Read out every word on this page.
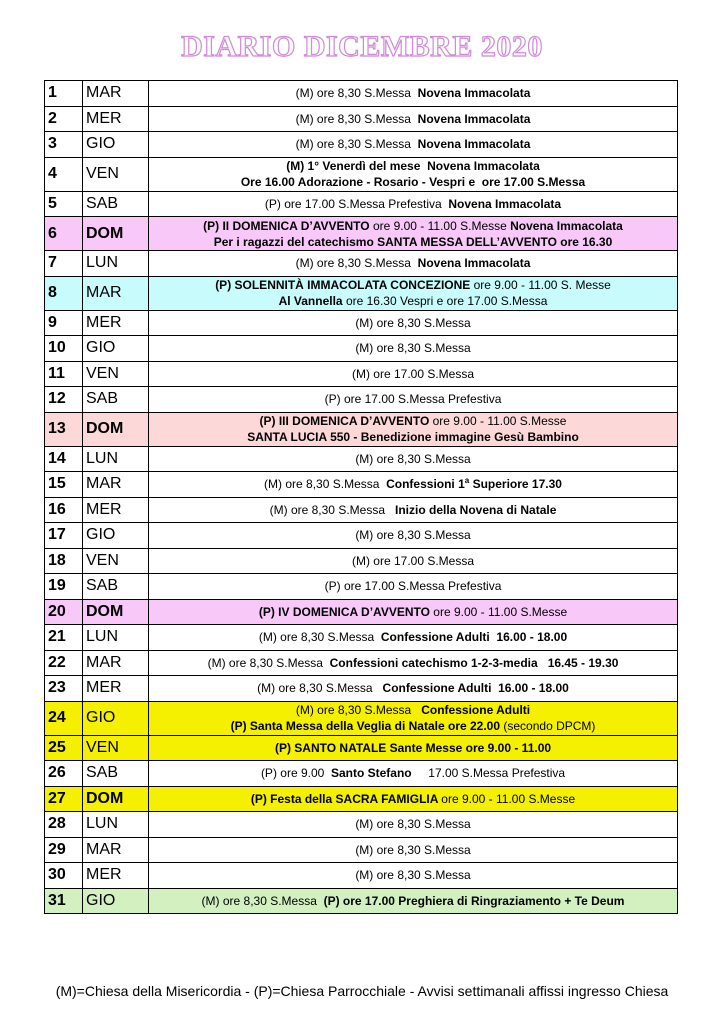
DIARIO DICEMBRE 2020
1	MAR	(M) ore 8,30 S.Messa  Novena Immacolata

2	MER	(M) ore 8,30 S.Messa  Novena Immacolata

3	GIO	(M) ore 8,30 S.Messa  Novena Immacolata

4	VEN	(M) 1° Venerdì del mese  Novena Immacolata
Ore 16.00 Adorazione - Rosario - Vespri e  ore 17.00 S.Messa

5	SAB	(P) ore 17.00 S.Messa Prefestiva  Novena Immacolata

6	DOM	(P) II DOMENICA D’AVVENTO ore 9.00 - 11.00 S.Messe Novena Immacolata
Per i ragazzi del catechismo SANTA MESSA DELL’AVVENTO ore 16.30

7	LUN	(M) ore 8,30 S.Messa  Novena Immacolata

8	MAR	(P) SOLENNITÀ IMMACOLATA CONCEZIONE ore 9.00 - 11.00 S. Messe
Al Vannella ore 16.30 Vespri e ore 17.00 S.Messa

9	MER	(M) ore 8,30 S.Messa

10	GIO	(M) ore 8,30 S.Messa

11	VEN	(M) ore 17.00 S.Messa

12	SAB	(P) ore 17.00 S.Messa Prefestiva

13	DOM	(P) III DOMENICA D’AVVENTO ore 9.00 - 11.00 S.Messe
SANTA LUCIA 550 - Benedizione immagine Gesù Bambino

14	LUN	(M) ore 8,30 S.Messa

15	MAR	(M) ore 8,30 S.Messa  Confessioni 1$^a$ Superiore 17.30

16	MER	(M) ore 8,30 S.Messa   Inizio della Novena di Natale

17	GIO	(M) ore 8,30 S.Messa

18	VEN	(M) ore 17.00 S.Messa

19	SAB	(P) ore 17.00 S.Messa Prefestiva

20	DOM	(P) IV DOMENICA D’AVVENTO ore 9.00 - 11.00 S.Messe

21	LUN	(M) ore 8,30 S.Messa  Confessione Adulti  16.00 - 18.00

22	MAR	(M) ore 8,30 S.Messa  Confessioni catechismo 1-2-3-media   16.45 - 19.30

23	MER	(M) ore 8,30 S.Messa   Confessione Adulti  16.00 - 18.00

24	GIO	(M) ore 8,30 S.Messa   Confessione Adulti
(P) Santa Messa della Veglia di Natale ore 22.00 (secondo DPCM)

25	VEN	(P) SANTO NATALE Sante Messe ore 9.00 - 11.00

26	SAB	(P) ore 9.00  Santo Stefano     17.00 S.Messa Prefestiva

27	DOM	(P) Festa della SACRA FAMIGLIA ore 9.00 - 11.00 S.Messe

28	LUN	(M) ore 8,30 S.Messa

29	MAR	(M) ore 8,30 S.Messa

30	MER	(M) ore 8,30 S.Messa

31	GIO	(M) ore 8,30 S.Messa  (P) ore 17.00 Preghiera di Ringraziamento + Te Deum
(M)=Chiesa della Misericordia - (P)=Chiesa Parrocchiale - Avvisi settimanali affissi ingresso Chiesa
